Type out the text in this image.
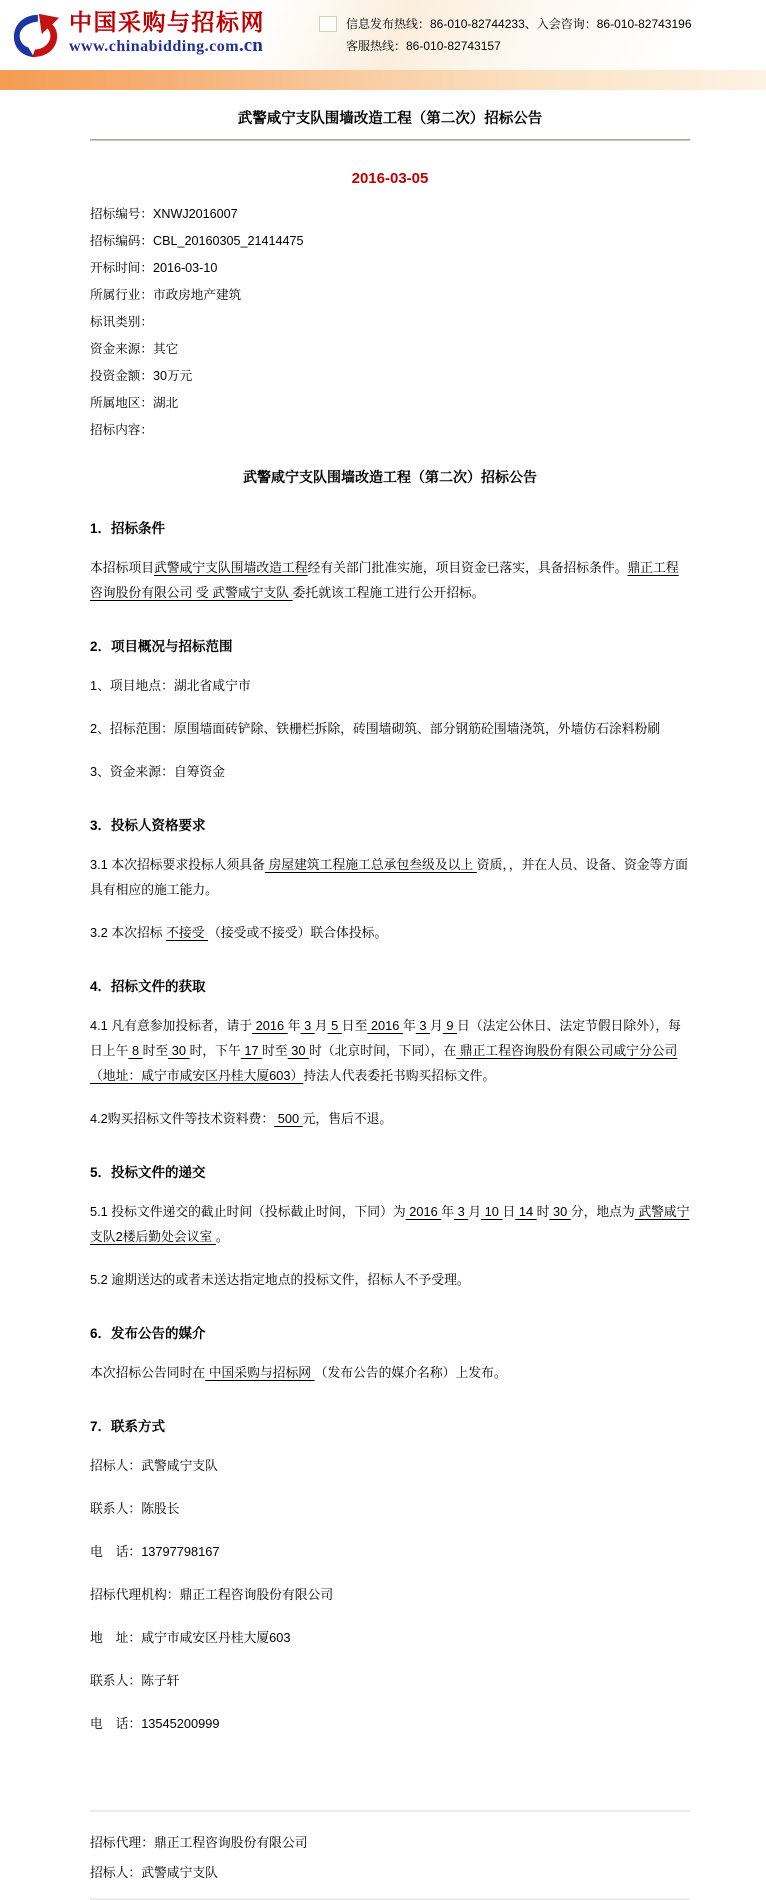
中国采购与招标网
www.chinabidding.com.cn
信息发布热线：86-010-82744233、入会咨询：86-010-82743196
客服热线：86-010-82743157
武警咸宁支队围墙改造工程（第二次）招标公告
2016-03-05

招标编号：XNWJ2016007

招标编码：CBL_20160305_21414475

开标时间：2016-03-10

所属行业：市政房地产建筑

标讯类别：

资金来源：其它

投资金额：30万元

所属地区：湖北

招标内容：

武警咸宁支队围墙改造工程（第二次）招标公告
1．招标条件

本招标项目武警咸宁支队围墙改造工程经有关部门批准实施，项目资金已落实，具备招标条件。鼎正工程咨询股份有限公司 受 武警咸宁支队 委托就该工程施工进行公开招标。

2．项目概况与招标范围

1、项目地点：湖北省咸宁市

2、招标范围：原围墙面砖铲除、铁栅栏拆除，砖围墙砌筑、部分钢筋砼围墙浇筑，外墙仿石涂料粉刷

3、资金来源：自筹资金

3．投标人资格要求

3.1 本次招标要求投标人须具备 房屋建筑工程施工总承包叁级及以上 资质，，并在人员、设备、资金等方面具有相应的施工能力。

3.2 本次招标 不接受 （接受或不接受）联合体投标。

4．招标文件的获取

4.1 凡有意参加投标者，请于 2016 年 3 月 5 日至 2016 年 3 月 9 日（法定公休日、法定节假日除外），每日上午 8 时至 30 时，下午 17 时至 30 时（北京时间，下同），在 鼎正工程咨询股份有限公司咸宁分公司（地址：咸宁市咸安区丹桂大厦603）持法人代表委托书购买招标文件。

4.2购买招标文件等技术资料费： 500 元，售后不退。

5．投标文件的递交

5.1 投标文件递交的截止时间（投标截止时间，下同）为 2016 年 3 月 10 日 14 时 30 分，地点为 武警咸宁支队2楼后勤处会议室 。

5.2 逾期送达的或者未送达指定地点的投标文件，招标人不予受理。

6．发布公告的媒介

本次招标公告同时在 中国采购与招标网 （发布公告的媒介名称）上发布。

7．联系方式

招标人：武警咸宁支队

联系人：陈股长

电　话：13797798167

招标代理机构：鼎正工程咨询股份有限公司

地　址：咸宁市咸安区丹桂大厦603

联系人：陈子轩

电　话：13545200999

招标代理：鼎正工程咨询股份有限公司

招标人：武警咸宁支队
